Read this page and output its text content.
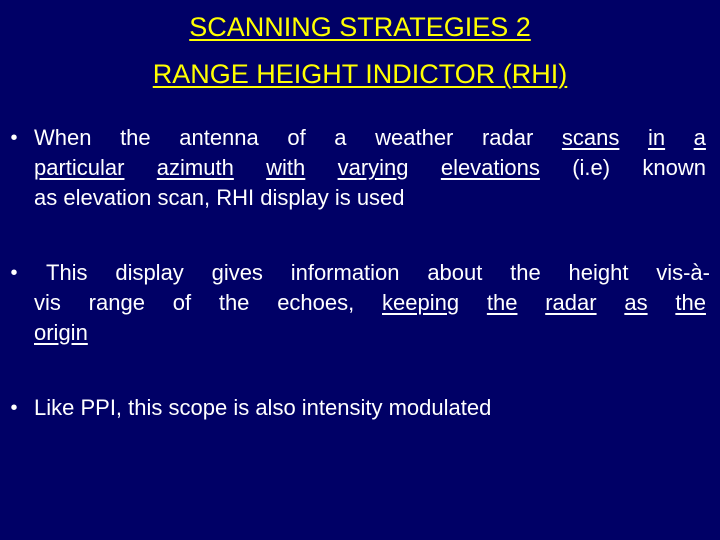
SCANNING STRATEGIES 2
RANGE HEIGHT INDICTOR (RHI)
• When the antenna of a weather radar scans in a
particular azimuth with varying elevations (i.e) known
as elevation scan, RHI display is used
• This display gives information about the height vis-à-
vis range of the echoes, keeping the radar as the
origin
• Like PPI, this scope is also intensity modulated
